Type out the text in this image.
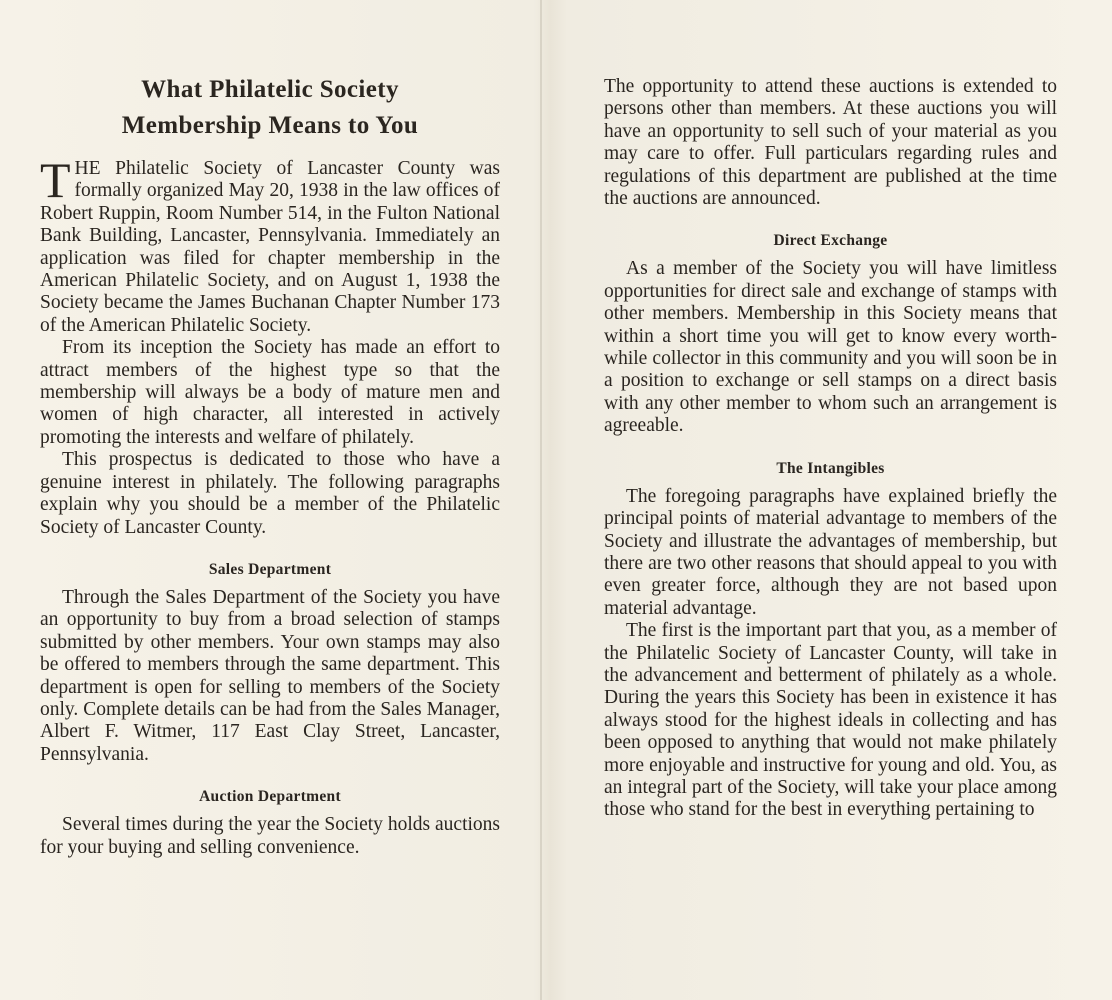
What Philatelic Society
Membership Means to You

THE Philatelic Society of Lancaster County was formally organized May 20, 1938 in the law offices of Robert Ruppin, Room Number 514, in the Fulton National Bank Building, Lancaster, Pennsylvania. Immediately an application was filed for chapter membership in the American Philatelic Society, and on August 1, 1938 the Society became the James Buchanan Chapter Number 173 of the American Philatelic Society.

From its inception the Society has made an effort to attract members of the highest type so that the membership will always be a body of mature men and women of high character, all interested in actively promoting the interests and welfare of philately.

This prospectus is dedicated to those who have a genuine interest in philately. The following paragraphs explain why you should be a member of the Philatelic Society of Lancaster County.

Sales Department

Through the Sales Department of the Society you have an opportunity to buy from a broad selection of stamps submitted by other members. Your own stamps may also be offered to members through the same department. This department is open for selling to members of the Society only. Complete details can be had from the Sales Manager, Albert F. Witmer, 117 East Clay Street, Lancaster, Pennsylvania.

Auction Department

Several times during the year the Society holds auctions for your buying and selling convenience.

The opportunity to attend these auctions is extended to persons other than members. At these auctions you will have an opportunity to sell such of your material as you may care to offer. Full particulars regarding rules and regulations of this department are published at the time the auctions are announced.

Direct Exchange

As a member of the Society you will have limitless opportunities for direct sale and exchange of stamps with other members. Membership in this Society means that within a short time you will get to know every worth-while collector in this community and you will soon be in a position to exchange or sell stamps on a direct basis with any other member to whom such an arrangement is agreeable.

The Intangibles

The foregoing paragraphs have explained briefly the principal points of material advantage to members of the Society and illustrate the advantages of membership, but there are two other reasons that should appeal to you with even greater force, although they are not based upon material advantage.

The first is the important part that you, as a member of the Philatelic Society of Lancaster County, will take in the advancement and betterment of philately as a whole. During the years this Society has been in existence it has always stood for the highest ideals in collecting and has been opposed to anything that would not make philately more enjoyable and instructive for young and old. You, as an integral part of the Society, will take your place among those who stand for the best in everything pertaining to
